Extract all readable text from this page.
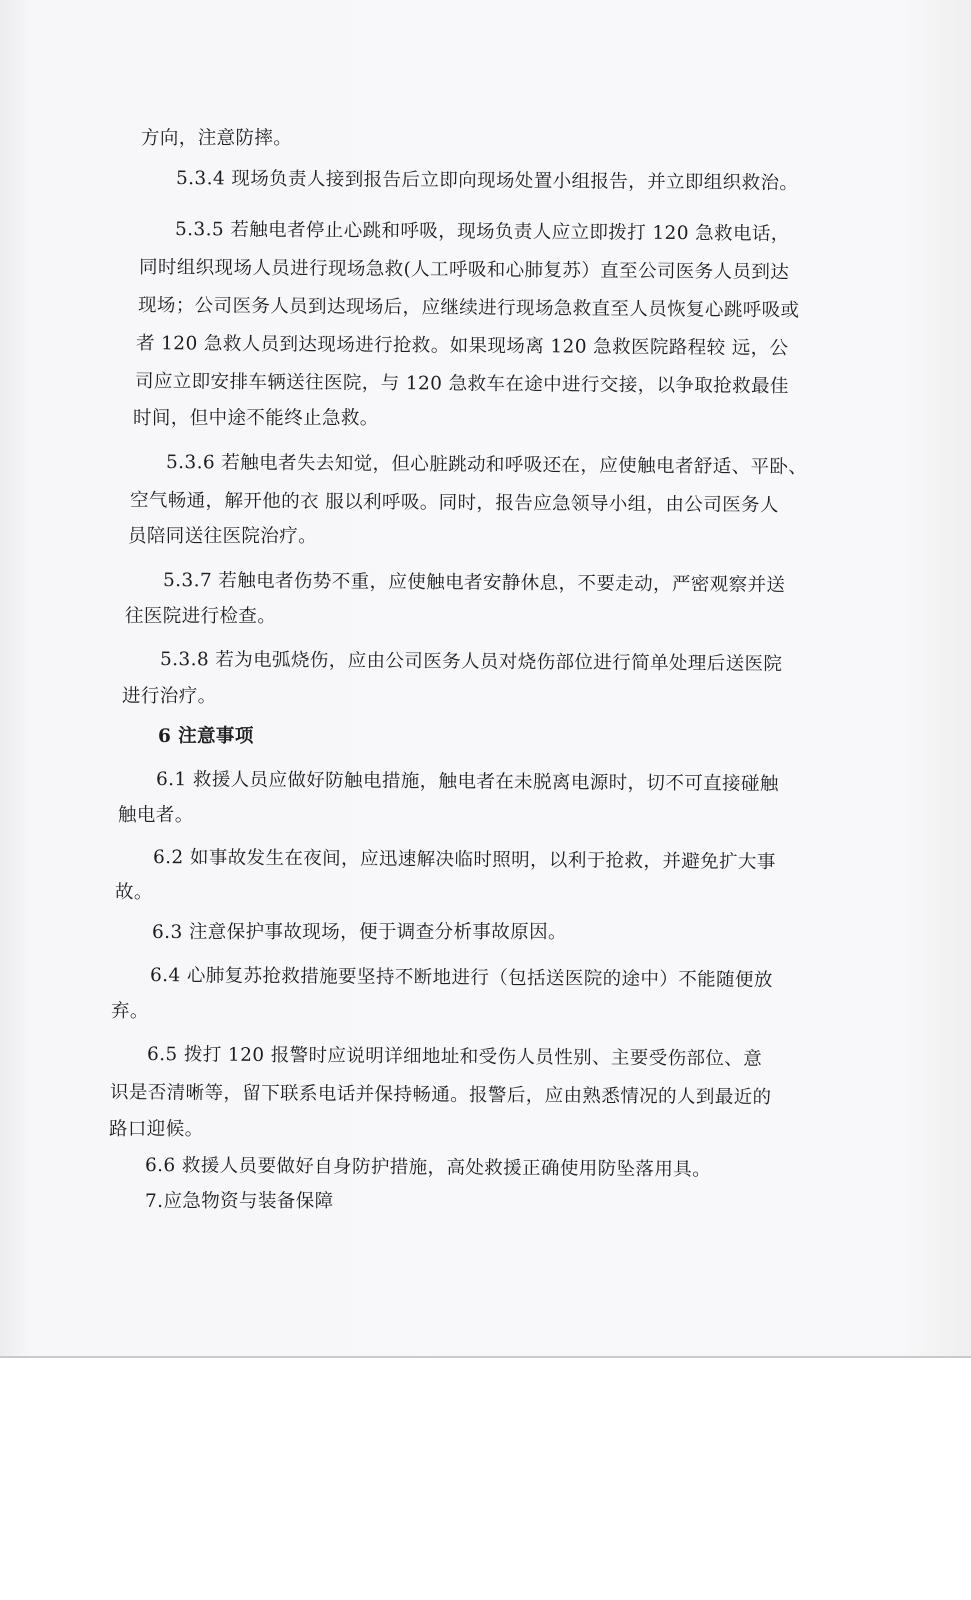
方向，注意防摔。
5.3.4 现场负责人接到报告后立即向现场处置小组报告，并立即组织救治。
5.3.5 若触电者停止心跳和呼吸，现场负责人应立即拨打 120 急救电话，
同时组织现场人员进行现场急救(人工呼吸和心肺复苏）直至公司医务人员到达
现场；公司医务人员到达现场后，应继续进行现场急救直至人员恢复心跳呼吸或
者 120 急救人员到达现场进行抢救。如果现场离 120 急救医院路程较 远，公
司应立即安排车辆送往医院，与 120 急救车在途中进行交接，以争取抢救最佳
时间，但中途不能终止急救。
5.3.6 若触电者失去知觉，但心脏跳动和呼吸还在，应使触电者舒适、平卧、
空气畅通，解开他的衣 服以利呼吸。同时，报告应急领导小组，由公司医务人
员陪同送往医院治疗。
5.3.7 若触电者伤势不重，应使触电者安静休息，不要走动，严密观察并送
往医院进行检查。
5.3.8 若为电弧烧伤，应由公司医务人员对烧伤部位进行简单处理后送医院
进行治疗。
6 注意事项
6.1 救援人员应做好防触电措施，触电者在未脱离电源时，切不可直接碰触
触电者。
6.2 如事故发生在夜间，应迅速解决临时照明，以利于抢救，并避免扩大事
故。
6.3 注意保护事故现场，便于调查分析事故原因。
6.4 心肺复苏抢救措施要坚持不断地进行（包括送医院的途中）不能随便放
弃。
6.5 拨打 120 报警时应说明详细地址和受伤人员性别、主要受伤部位、意
识是否清晰等，留下联系电话并保持畅通。报警后，应由熟悉情况的人到最近的
路口迎候。
6.6 救援人员要做好自身防护措施，高处救援正确使用防坠落用具。
7.应急物资与装备保障
